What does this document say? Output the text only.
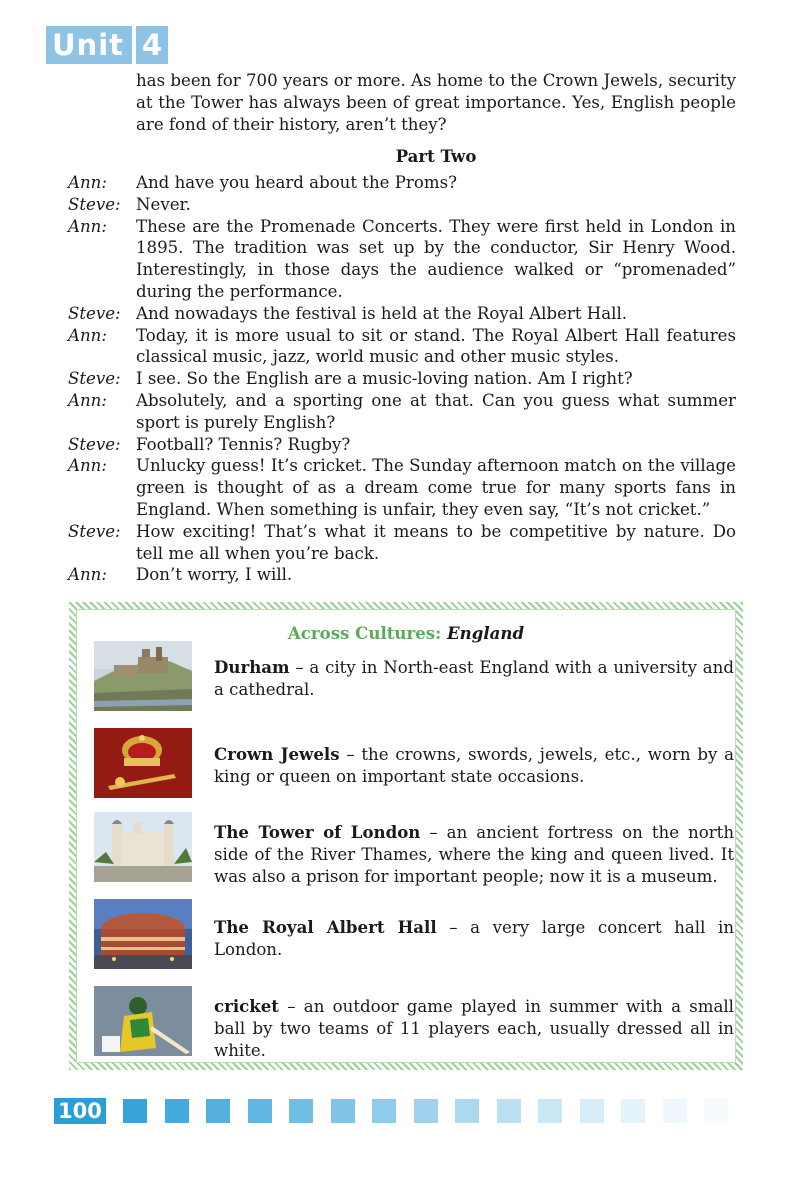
Unit 4
has been for 700 years or more. As home to the Crown Jewels, security at the Tower has always been of great importance. Yes, English people are fond of their history, aren’t they?
Part Two
Ann:	And have you heard about the Proms?
Steve: Never.
Ann:	These are the Promenade Concerts. They were first held in London in 1895. The tradition was set up by the conductor, Sir Henry Wood. Interestingly, in those days the audience walked or “promenaded” during the performance.
Steve: And nowadays the festival is held at the Royal Albert Hall.
Ann:	Today, it is more usual to sit or stand. The Royal Albert Hall features classical music, jazz, world music and other music styles.
Steve: I see. So the English are a music-loving nation. Am I right?
Ann:	Absolutely, and a sporting one at that. Can you guess what summer sport is purely English?
Steve: Football? Tennis? Rugby?
Ann:	Unlucky guess! It’s cricket. The Sunday afternoon match on the village green is thought of as a dream come true for many sports fans in England. When something is unfair, they even say, “It’s not cricket.”
Steve: How exciting! That’s what it means to be competitive by nature. Do tell me all when you’re back.
Ann:	Don’t worry, I will.
Across Cultures: England
Durham – a city in North-east England with a university and a cathedral.
Crown Jewels – the crowns, swords, jewels, etc., worn by a king or queen on important state occasions.
The Tower of London – an ancient fortress on the north side of the River Thames, where the king and queen lived. It was also a prison for important people; now it is a museum.
The Royal Albert Hall – a very large concert hall in London.
cricket – an outdoor game played in summer with a small ball by two teams of 11 players each, usually dressed all in white.
100
